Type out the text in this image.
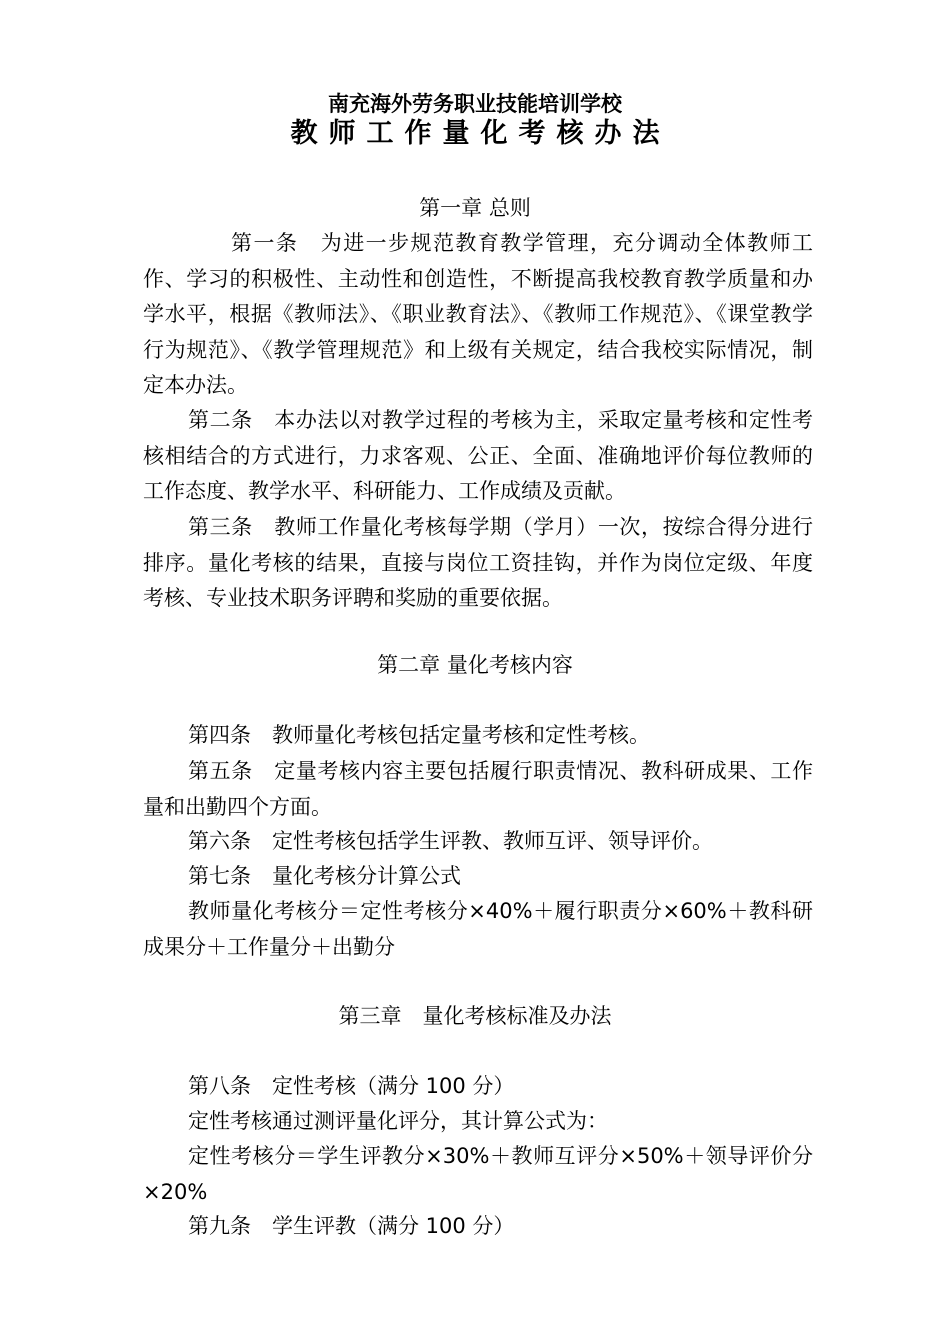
南充海外劳务职业技能培训学校
教师工作量化考核办法
第一章 总则
第一条　为进一步规范教育教学管理，充分调动全体教师工作、学习的积极性、主动性和创造性，不断提高我校教育教学质量和办学水平，根据《教师法》、《职业教育法》、《教师工作规范》、《课堂教学行为规范》、《教学管理规范》和上级有关规定，结合我校实际情况，制定本办法。
第二条　本办法以对教学过程的考核为主，采取定量考核和定性考核相结合的方式进行，力求客观、公正、全面、准确地评价每位教师的工作态度、教学水平、科研能力、工作成绩及贡献。
第三条　教师工作量化考核每学期（学月）一次，按综合得分进行排序。量化考核的结果，直接与岗位工资挂钩，并作为岗位定级、年度考核、专业技术职务评聘和奖励的重要依据。
第二章 量化考核内容
第四条　教师量化考核包括定量考核和定性考核。
第五条　定量考核内容主要包括履行职责情况、教科研成果、工作量和出勤四个方面。
第六条　定性考核包括学生评教、教师互评、领导评价。
第七条　量化考核分计算公式
教师量化考核分＝定性考核分×40%＋履行职责分×60%＋教科研成果分＋工作量分＋出勤分
第三章　量化考核标准及办法
第八条　定性考核（满分 100 分）
定性考核通过测评量化评分，其计算公式为：
定性考核分＝学生评教分×30%＋教师互评分×50%＋领导评价分×20%
第九条　学生评教（满分 100 分）
